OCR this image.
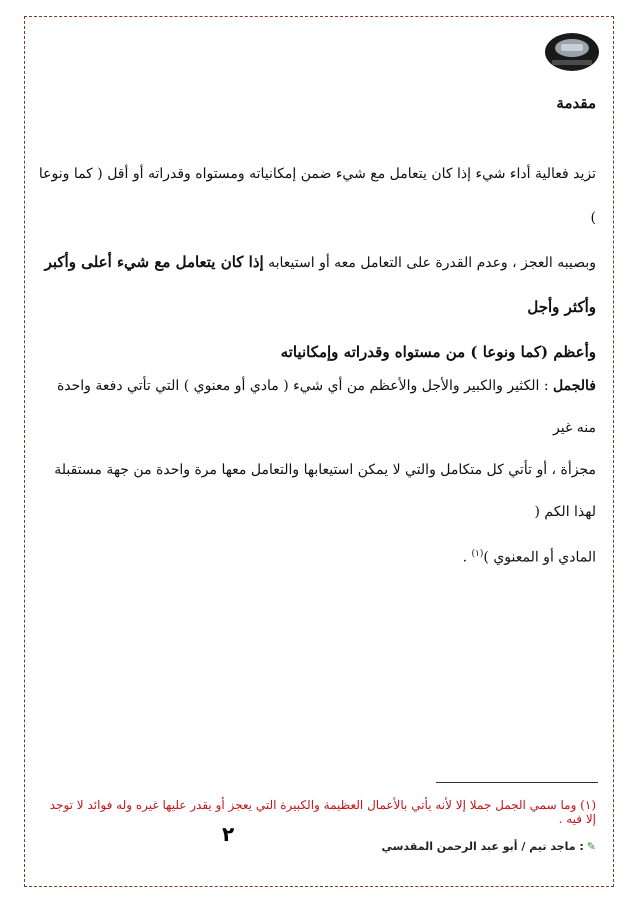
مقدمة
تزيد فعالية أداء شيء إذا كان يتعامل مع شيء ضمن إمكانياته ومستواه وقدراته أو أقل ( كما ونوعا )
وبصيبه العجز ، وعدم القدرة على التعامل معه أو استيعابه إذا كان يتعامل مع شيء أعلى وأكبر وأكثر وأجل
وأعظم (كما ونوعا ) من مستواه وقدراته وإمكانياته
فالجمل : الكثير والكبير والأجل والأعظم من أي شيء ( مادي أو معنوي ) التي تأتي دفعة واحدة منه غير
مجزأة ، أو تأتي كل متكامل والتي لا يمكن استيعابها والتعامل معها مرة واحدة من جهة مستقبلة لهذا الكم (
المادي أو المعنوي )$^{(١)}$ .
(١) وما سمي الجمل جملا إلا لأنه يأتي بالأعمال العظيمة والكبيرة التي يعجز أو يقدر عليها غيره وله فوائد لا توجد إلا فيه .
٢
✎: ماجد تيم / أبو عبد الرحمن المقدسي
